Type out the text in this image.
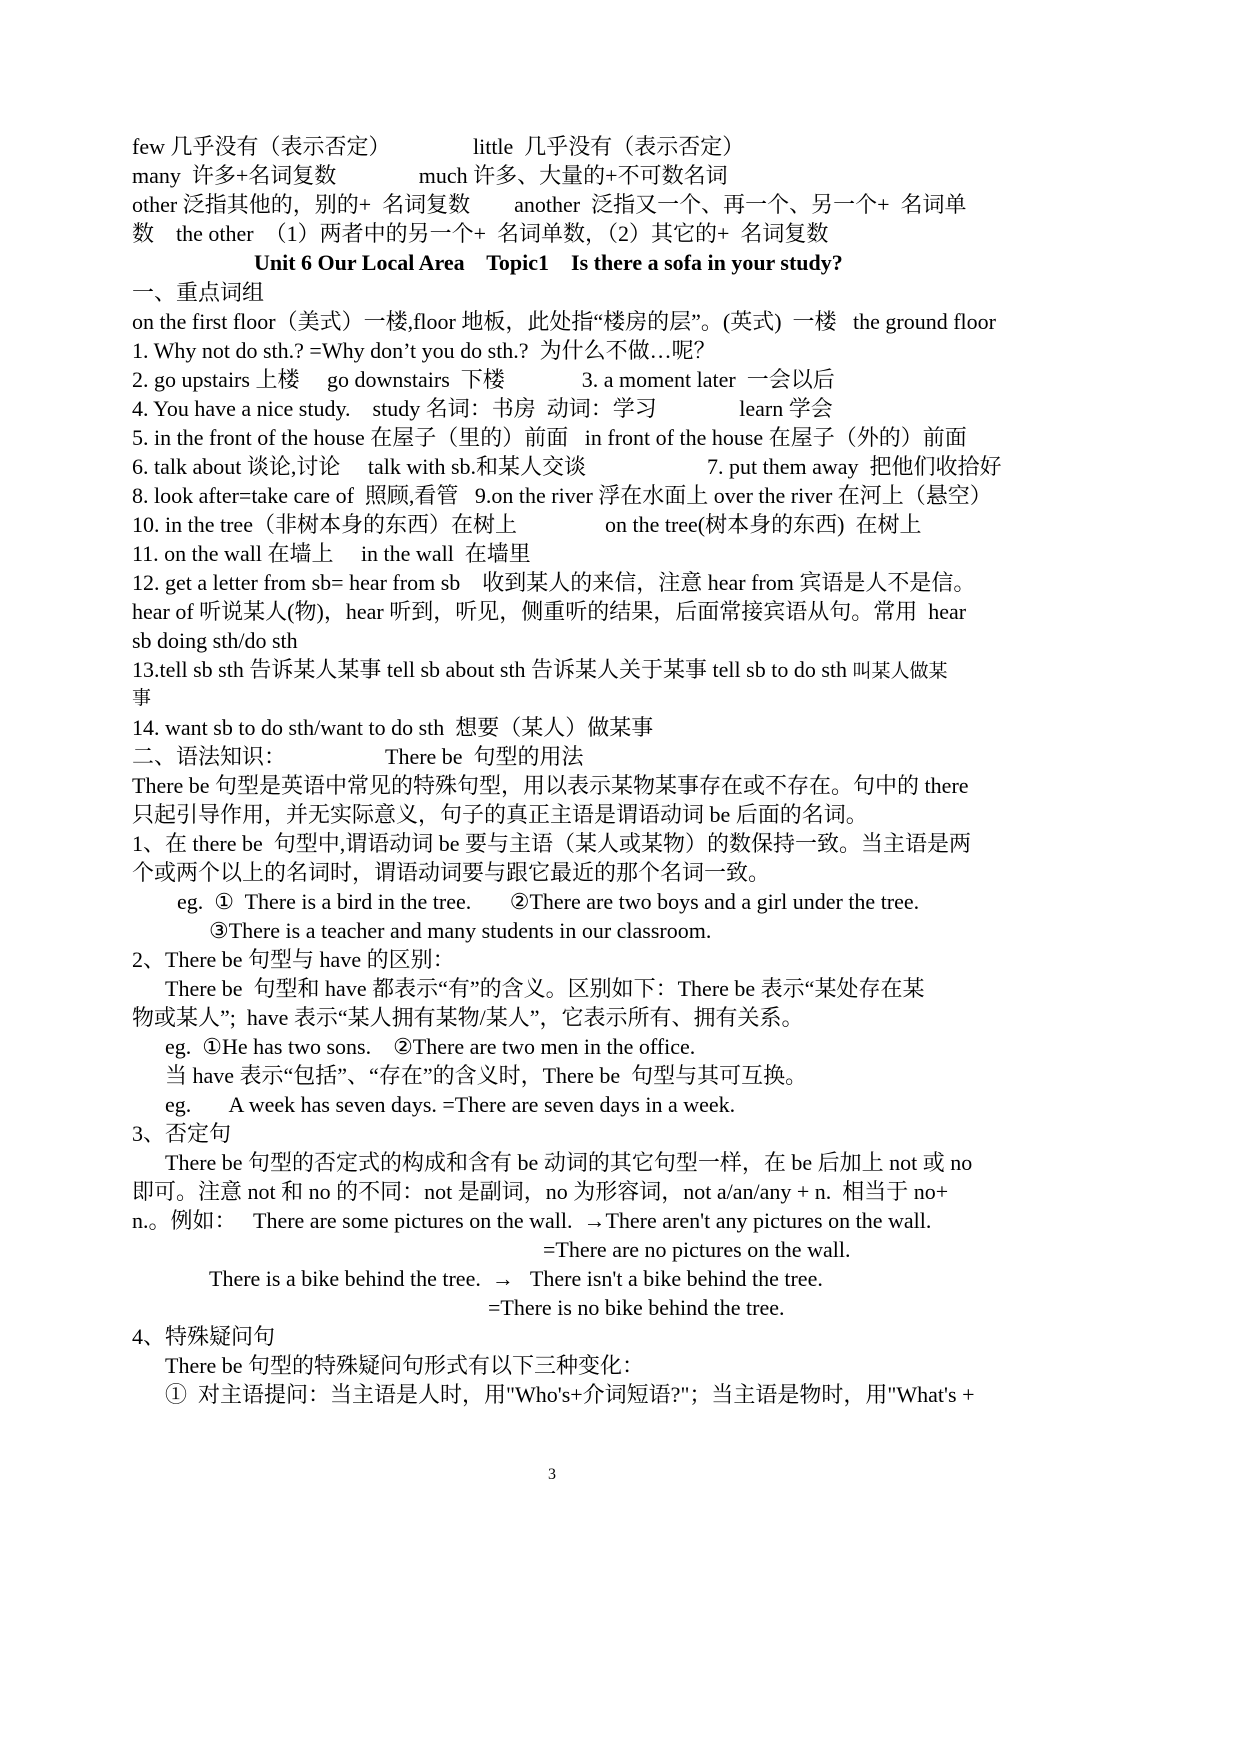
few 几乎没有（表示否定）               little  几乎没有（表示否定）
many  许多+名词复数               much 许多、大量的+不可数名词
other 泛指其他的，别的+  名词复数        another  泛指又一个、再一个、另一个+  名词单
数    the other  （1）两者中的另一个+  名词单数，（2）其它的+  名词复数
Unit 6 Our Local Area    Topic1    Is there a sofa in your study?
一、重点词组
on the first floor（美式）一楼,floor 地板，此处指“楼房的层”。(英式)  一楼   the ground floor
1. Why not do sth.? =Why don’t you do sth.?  为什么不做…呢？
2. go upstairs 上楼     go downstairs  下楼              3. a moment later  一会以后
4. You have a nice study.    study 名词：书房  动词：学习               learn 学会
5. in the front of the house 在屋子（里的）前面   in front of the house 在屋子（外的）前面
6. talk about 谈论,讨论     talk with sb.和某人交谈                      7. put them away  把他们收拾好
8. look after=take care of  照顾,看管   9.on the river 浮在水面上 over the river 在河上（悬空）
10. in the tree（非树本身的东西）在树上                on the tree(树本身的东西)  在树上
11. on the wall 在墙上     in the wall  在墙里
12. get a letter from sb= hear from sb    收到某人的来信，注意 hear from 宾语是人不是信。
hear of 听说某人(物)，hear 听到，听见，侧重听的结果，后面常接宾语从句。常用  hear
sb doing sth/do sth
13.tell sb sth 告诉某人某事 tell sb about sth 告诉某人关于某事 tell sb to do sth 叫某人做某
事
14. want sb to do sth/want to do sth  想要（某人）做某事
二、语法知识：                  There be  句型的用法
There be 句型是英语中常见的特殊句型，用以表示某物某事存在或不存在。句中的 there
只起引导作用，并无实际意义，句子的真正主语是谓语动词 be 后面的名词。
1、在 there be  句型中,谓语动词 be 要与主语（某人或某物）的数保持一致。当主语是两
个或两个以上的名词时，谓语动词要与跟它最近的那个名词一致。
eg.  ①  There is a bird in the tree.       ②There are two boys and a girl under the tree.
③There is a teacher and many students in our classroom.
2、There be 句型与 have 的区别：
There be  句型和 have 都表示“有”的含义。区别如下：There be 表示“某处存在某
物或某人”;  have 表示“某人拥有某物/某人”，它表示所有、拥有关系。
eg.  ①He has two sons.    ②There are two men in the office.
当 have 表示“包括”、“存在”的含义时，There be  句型与其可互换。
eg.       A week has seven days. =There are seven days in a week.
3、否定句
There be 句型的否定式的构成和含有 be 动词的其它句型一样，在 be 后加上 not 或 no
即可。注意 not 和 no 的不同：not 是副词，no 为形容词，not a/an/any + n.  相当于 no+
n.。例如：   There are some pictures on the wall.  →There aren't any pictures on the wall.
=There are no pictures on the wall.
There is a bike behind the tree.  →   There isn't a bike behind the tree.
=There is no bike behind the tree.
4、特殊疑问句
There be 句型的特殊疑问句形式有以下三种变化：
①  对主语提问：当主语是人时，用"Who's+介词短语?"；当主语是物时，用"What's +
3
